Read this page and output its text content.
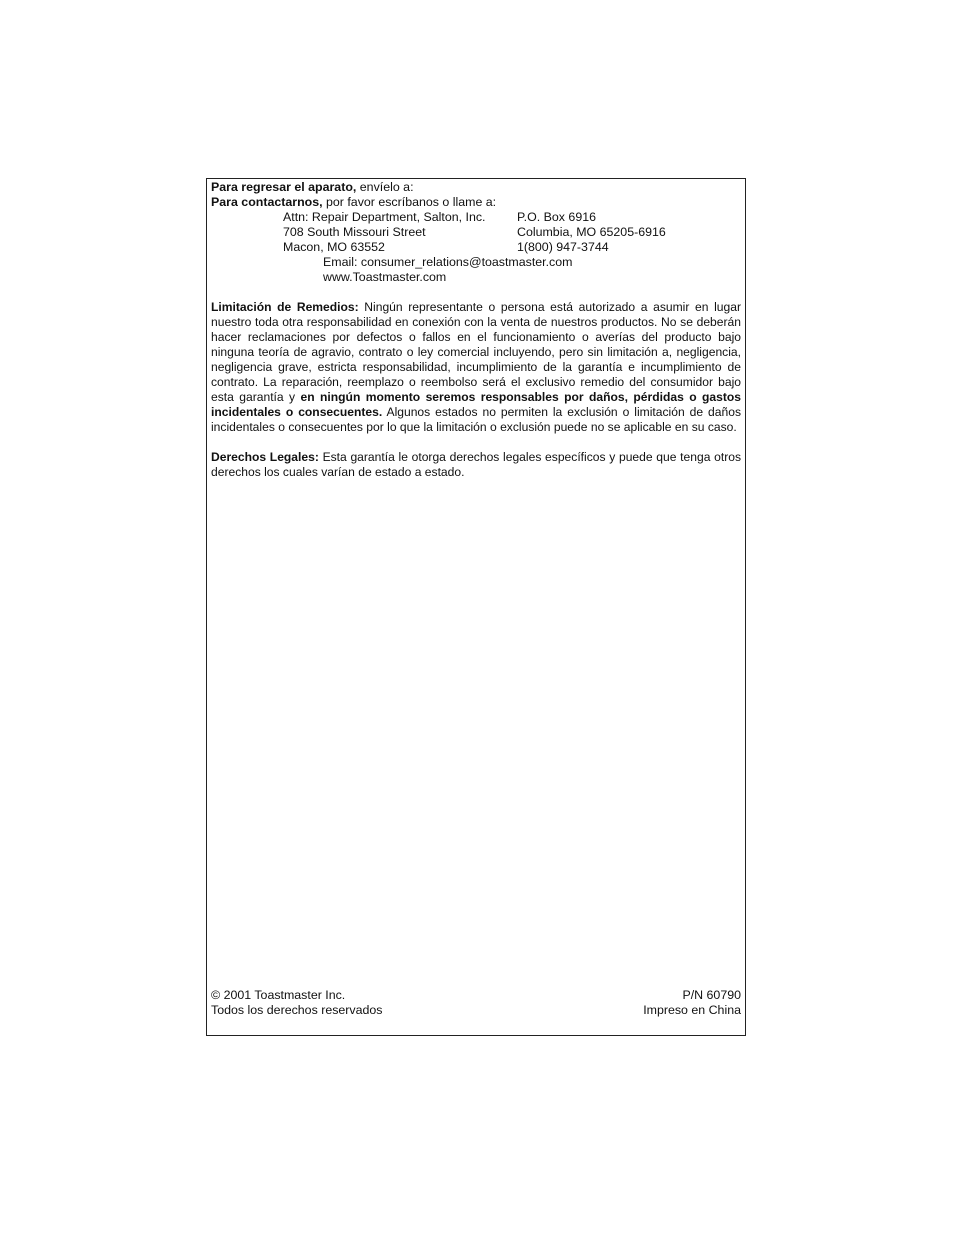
Para regresar el aparato, envíelo a:
Para contactarnos, por favor escríbanos o llame a:
Attn: Repair Department, Salton, Inc.	P.O. Box 6916
708 South Missouri Street	Columbia, MO 65205-6916
Macon, MO 63552	1(800) 947-3744
Email: consumer_relations@toastmaster.com
www.Toastmaster.com

Limitación de Remedios: Ningún representante o persona está autorizado a asumir en lugar nuestro toda otra responsabilidad en conexión con la venta de nuestros productos. No se deberán hacer reclamaciones por defectos o fallos en el funcionamiento o averías del producto bajo ninguna teoría de agravio, contrato o ley comercial incluyendo, pero sin limitación a, negligencia, negligencia grave, estricta responsabilidad, incumplimiento de la garantía e incumplimiento de contrato. La reparación, reemplazo o reembolso será el exclusivo remedio del consumidor bajo esta garantía y en ningún momento seremos responsables por daños, pérdidas o gastos incidentales o consecuentes. Algunos estados no permiten la exclusión o limitación de daños incidentales o consecuentes por lo que la limitación o exclusión puede no se aplicable en su caso.

Derechos Legales: Esta garantía le otorga derechos legales específicos y puede que tenga otros derechos los cuales varían de estado a estado.

© 2001 Toastmaster Inc.	P/N 60790
Todos los derechos reservados	Impreso en China
